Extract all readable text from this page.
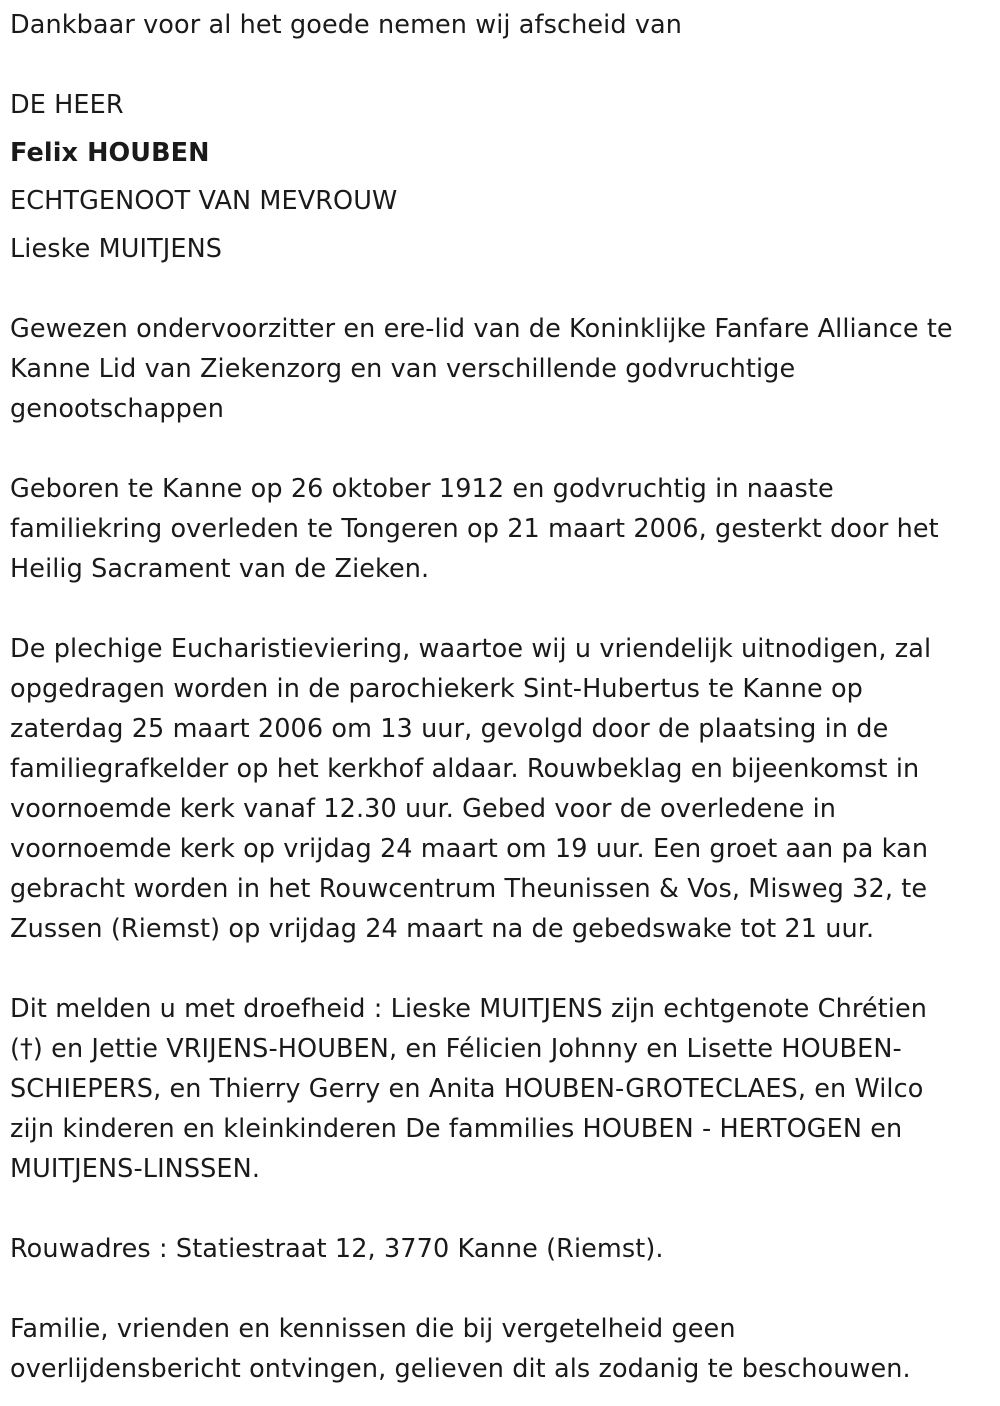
Dankbaar voor al het goede nemen wij afscheid van
DE HEER
Felix HOUBEN
ECHTGENOOT VAN MEVROUW
Lieske MUITJENS
Gewezen ondervoorzitter en ere-lid van de Koninklijke Fanfare Alliance te
Kanne Lid van Ziekenzorg en van verschillende godvruchtige
genootschappen
Geboren te Kanne op 26 oktober 1912 en godvruchtig in naaste
familiekring overleden te Tongeren op 21 maart 2006, gesterkt door het
Heilig Sacrament van de Zieken.
De plechige Eucharistieviering, waartoe wij u vriendelijk uitnodigen, zal
opgedragen worden in de parochiekerk Sint-Hubertus te Kanne op
zaterdag 25 maart 2006 om 13 uur, gevolgd door de plaatsing in de
familiegrafkelder op het kerkhof aldaar. Rouwbeklag en bijeenkomst in
voornoemde kerk vanaf 12.30 uur. Gebed voor de overledene in
voornoemde kerk op vrijdag 24 maart om 19 uur. Een groet aan pa kan
gebracht worden in het Rouwcentrum Theunissen & Vos, Misweg 32, te
Zussen (Riemst) op vrijdag 24 maart na de gebedswake tot 21 uur.
Dit melden u met droefheid : Lieske MUITJENS zijn echtgenote Chrétien
(†) en Jettie VRIJENS-HOUBEN, en Félicien Johnny en Lisette HOUBEN-
SCHIEPERS, en Thierry Gerry en Anita HOUBEN-GROTECLAES, en Wilco
zijn kinderen en kleinkinderen De fammilies HOUBEN - HERTOGEN en
MUITJENS-LINSSEN.
Rouwadres : Statiestraat 12, 3770 Kanne (Riemst).
Familie, vrienden en kennissen die bij vergetelheid geen
overlijdensbericht ontvingen, gelieven dit als zodanig te beschouwen.
